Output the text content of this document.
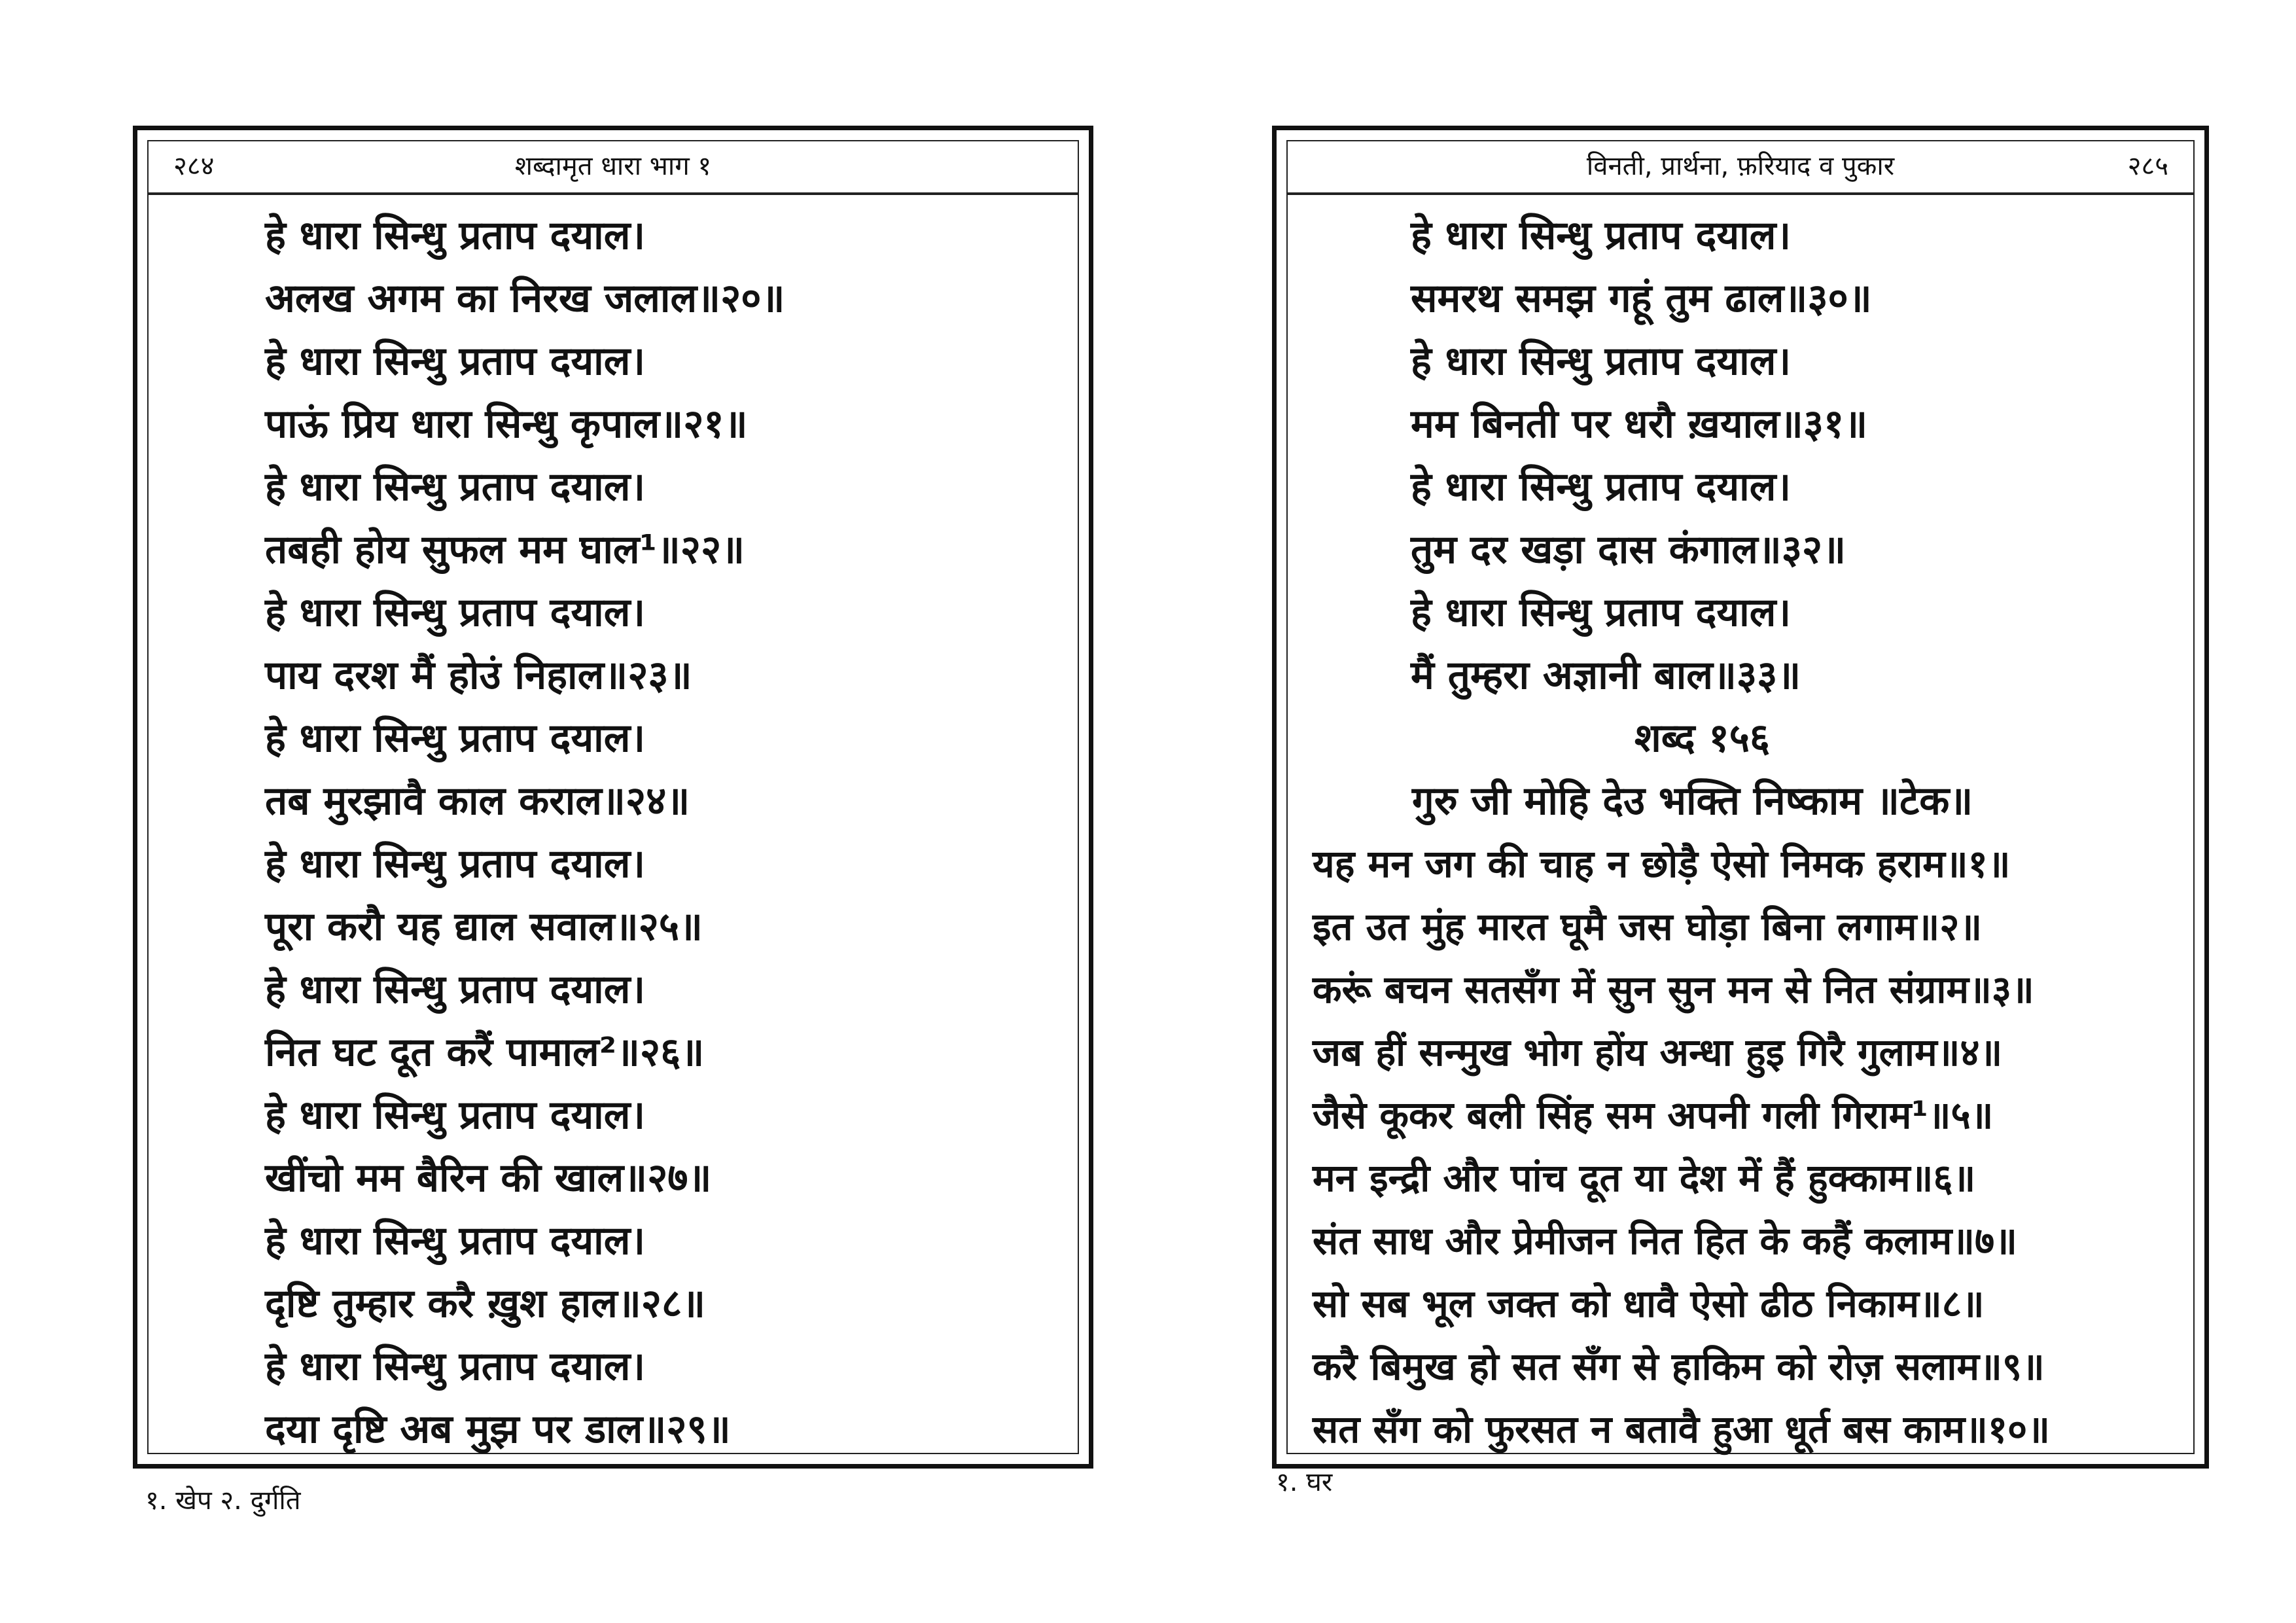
२८४	शब्दामृत धारा भाग १
हे धारा सिन्धु प्रताप दयाल।
अलख अगम का निरख जलाल॥२०॥
हे धारा सिन्धु प्रताप दयाल।
पाऊं प्रिय धारा सिन्धु कृपाल॥२१॥
हे धारा सिन्धु प्रताप दयाल।
तबही होय सुफल मम घाल¹॥२२॥
हे धारा सिन्धु प्रताप दयाल।
पाय दरश मैं होउं निहाल॥२३॥
हे धारा सिन्धु प्रताप दयाल।
तब मुरझावै काल कराल॥२४॥
हे धारा सिन्धु प्रताप दयाल।
पूरा करौ यह द्याल सवाल॥२५॥
हे धारा सिन्धु प्रताप दयाल।
नित घट दूत करैं पामाल²॥२६॥
हे धारा सिन्धु प्रताप दयाल।
खींचो मम बैरिन की खाल॥२७॥
हे धारा सिन्धु प्रताप दयाल।
दृष्टि तुम्हार करै ख़ुश हाल॥२८॥
हे धारा सिन्धु प्रताप दयाल।
दया दृष्टि अब मुझ पर डाल॥२९॥
१. खेप २. दुर्गति
विनती, प्रार्थना, फ़रियाद व पुकार	२८५
हे धारा सिन्धु प्रताप दयाल।
समरथ समझ गहूं तुम ढाल॥३०॥
हे धारा सिन्धु प्रताप दयाल।
मम बिनती पर धरौ ख़याल॥३१॥
हे धारा सिन्धु प्रताप दयाल।
तुम दर खड़ा दास कंगाल॥३२॥
हे धारा सिन्धु प्रताप दयाल।
मैं तुम्हरा अज्ञानी बाल॥३३॥
शब्द १५६
गुरु जी मोहि देउ भक्ति निष्काम ॥टेक॥
यह मन जग की चाह न छोड़ै ऐसो निमक हराम॥१॥
इत उत मुंह मारत घूमै जस घोड़ा बिना लगाम॥२॥
करूं बचन सतसँग में सुन सुन मन से नित संग्राम॥३॥
जब हीं सन्मुख भोग होंय अन्धा हुइ गिरै गुलाम॥४॥
जैसे कूकर बली सिंह सम अपनी गली गिराम¹॥५॥
मन इन्द्री और पांच दूत या देश में हैं हुक्काम॥६॥
संत साध और प्रेमीजन नित हित के कहैं कलाम॥७॥
सो सब भूल जक्त को धावै ऐसो ढीठ निकाम॥८॥
करै बिमुख हो सत सँग से हाकिम को रोज़ सलाम॥९॥
सत सँग को फुरसत न बतावै हुआ धूर्त बस काम॥१०॥
१. घर
